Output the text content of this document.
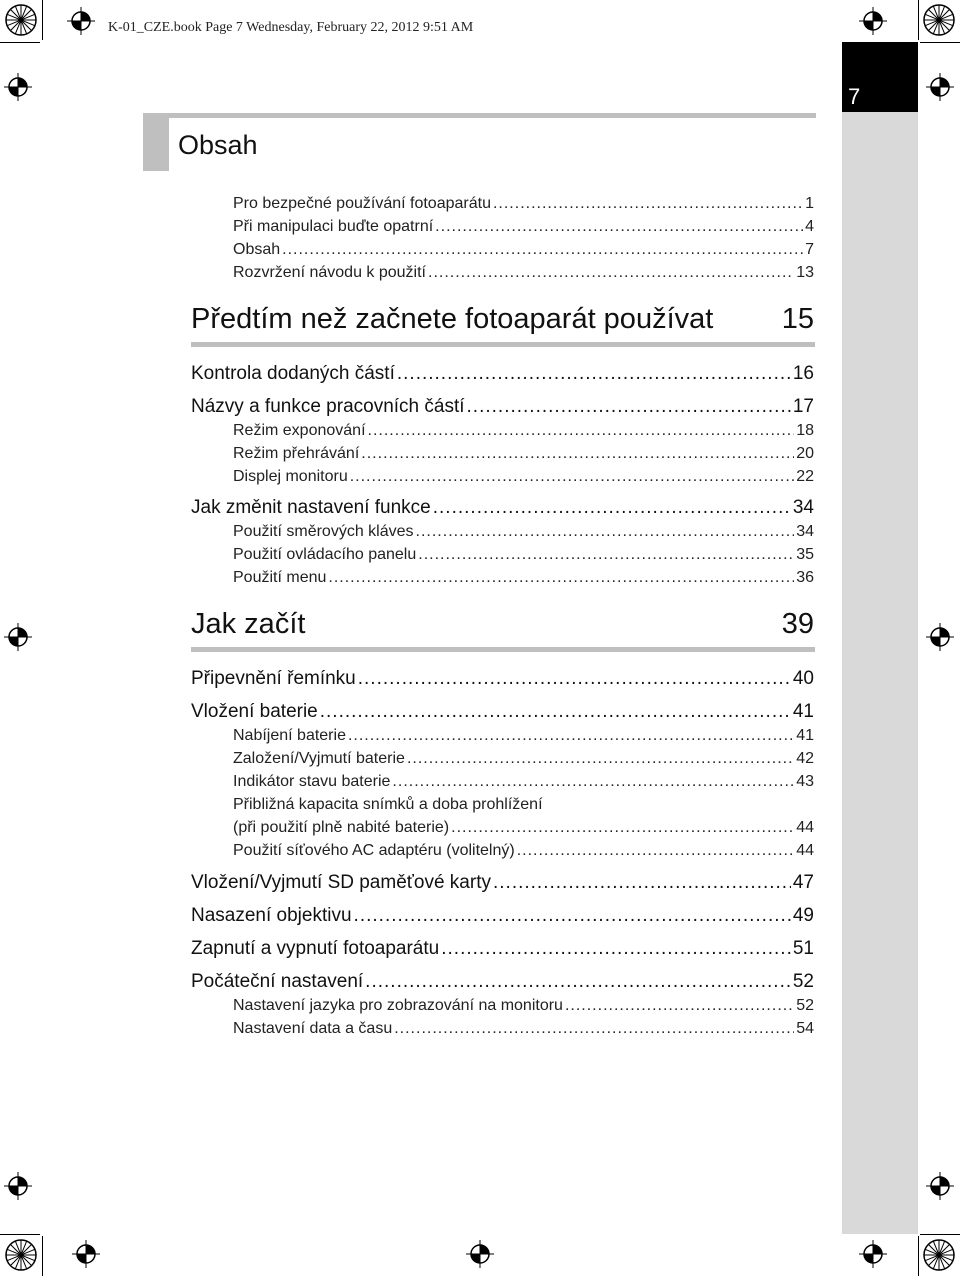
K-01_CZE.book Page 7 Wednesday, February 22, 2012 9:51 AM
7
Obsah
Pro bezpečné používání fotoaparátu .....	1
Při manipulaci buďte opatrní .....	4
Obsah .....	7
Rozvržení návodu k použití .....	13
Předtím než začnete fotoaparát používat 15
Kontrola dodaných částí .....	16
Názvy a funkce pracovních částí .....	17
Režim exponování .....	18
Režim přehrávání .....	20
Displej monitoru .....	22
Jak změnit nastavení funkce .....	34
Použití směrových kláves .....	34
Použití ovládacího panelu .....	35
Použití menu .....	36
Jak začít	39
Připevnění řemínku .....	40
Vložení baterie .....	41
Nabíjení baterie .....	41
Založení/Vyjmutí baterie .....	42
Indikátor stavu baterie .....	43
Přibližná kapacita snímků a doba prohlížení
(při použití plně nabité baterie) .....	44
Použití síťového AC adaptéru (volitelný) .....	44
Vložení/Vyjmutí SD paměťové karty .....	47
Nasazení objektivu .....	49
Zapnutí a vypnutí fotoaparátu .....	51
Počáteční nastavení .....	52
Nastavení jazyka pro zobrazování na monitoru .....	52
Nastavení data a času .....	54
